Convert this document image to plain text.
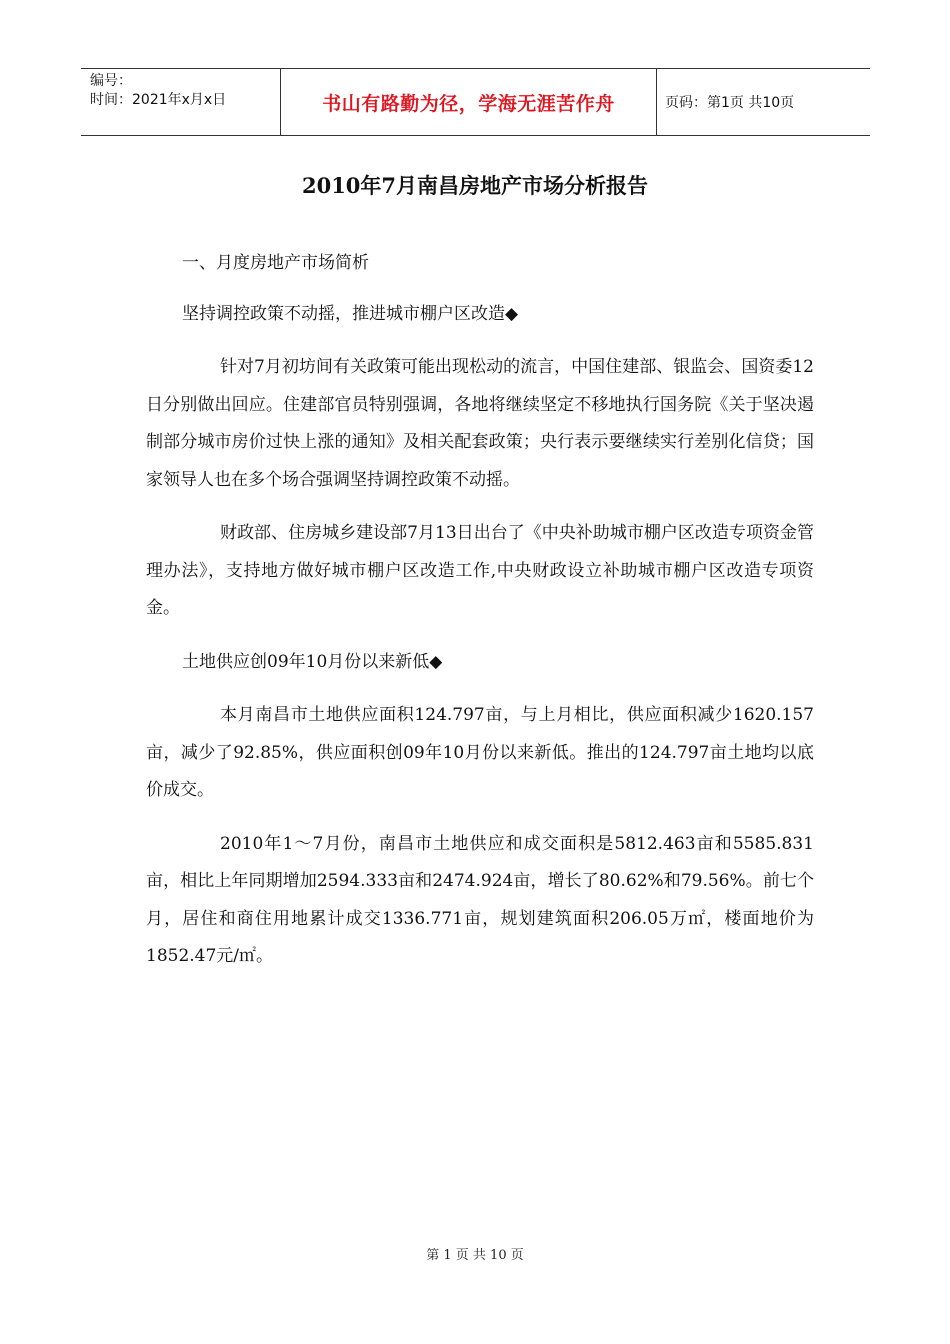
编号：
时间：2021年x月x日	书山有路勤为径，学海无涯苦作舟	页码：第1页 共10页
2010年7月南昌房地产市场分析报告

一、月度房地产市场简析

坚持调控政策不动摇，推进城市棚户区改造◆

针对7月初坊间有关政策可能出现松动的流言，中国住建部、银监会、国资委12日分别做出回应。住建部官员特别强调，各地将继续坚定不移地执行国务院《关于坚决遏制部分城市房价过快上涨的通知》及相关配套政策；央行表示要继续实行差别化信贷；国家领导人也在多个场合强调坚持调控政策不动摇。

财政部、住房城乡建设部7月13日出台了《中央补助城市棚户区改造专项资金管理办法》，支持地方做好城市棚户区改造工作,中央财政设立补助城市棚户区改造专项资金。

土地供应创09年10月份以来新低◆

本月南昌市土地供应面积124.797亩，与上月相比，供应面积减少1620.157亩，减少了92.85%，供应面积创09年10月份以来新低。推出的124.797亩土地均以底价成交。

2010年1～7月份，南昌市土地供应和成交面积是5812.463亩和5585.831亩，相比上年同期增加2594.333亩和2474.924亩，增长了80.62%和79.56%。前七个月，居住和商住用地累计成交1336.771亩，规划建筑面积206.05万㎡，楼面地价为1852.47元/㎡。

第 1 页 共 10 页
